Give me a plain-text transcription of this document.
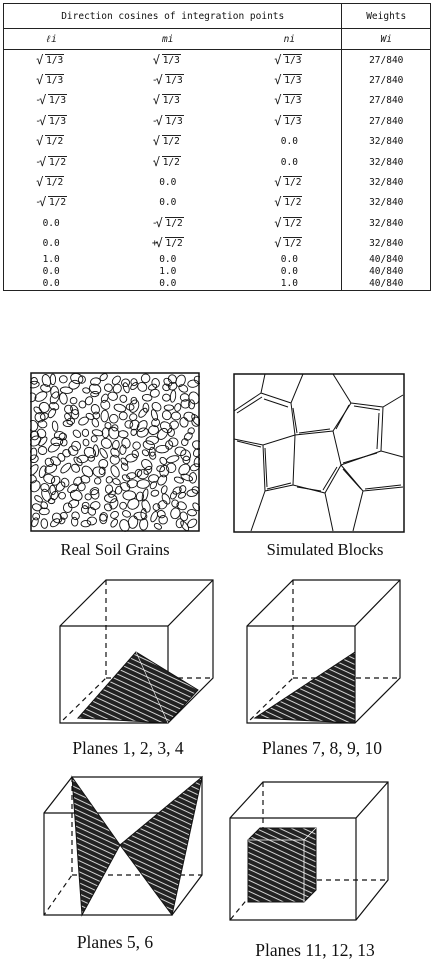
Direction cosines of integration points			Weights
ℓi	mi	ni	Wi
√ 1/3	√ 1/3	√ 1/3	27/840
√ 1/3	- √ 1/3	√ 1/3	27/840
- √ 1/3	√ 1/3	√ 1/3	27/840
- √ 1/3	- √ 1/3	√ 1/3	27/840
√ 1/2	√ 1/2	0.0	32/840
- √ 1/2	√ 1/2	0.0	32/840
√ 1/2	0.0	√ 1/2	32/840
- √ 1/2	0.0	√ 1/2	32/840
0.0	- √ 1/2	√ 1/2	32/840
0.0	+ √ 1/2	√ 1/2	32/840
1.0	0.0	0.0	40/840
0.0	1.0	0.0	40/840
0.0	0.0	1.0	40/840
Real Soil Grains	Simulated Blocks
Planes 1, 2, 3, 4	Planes 7, 8, 9, 10
Planes 5, 6	Planes 11, 12, 13
